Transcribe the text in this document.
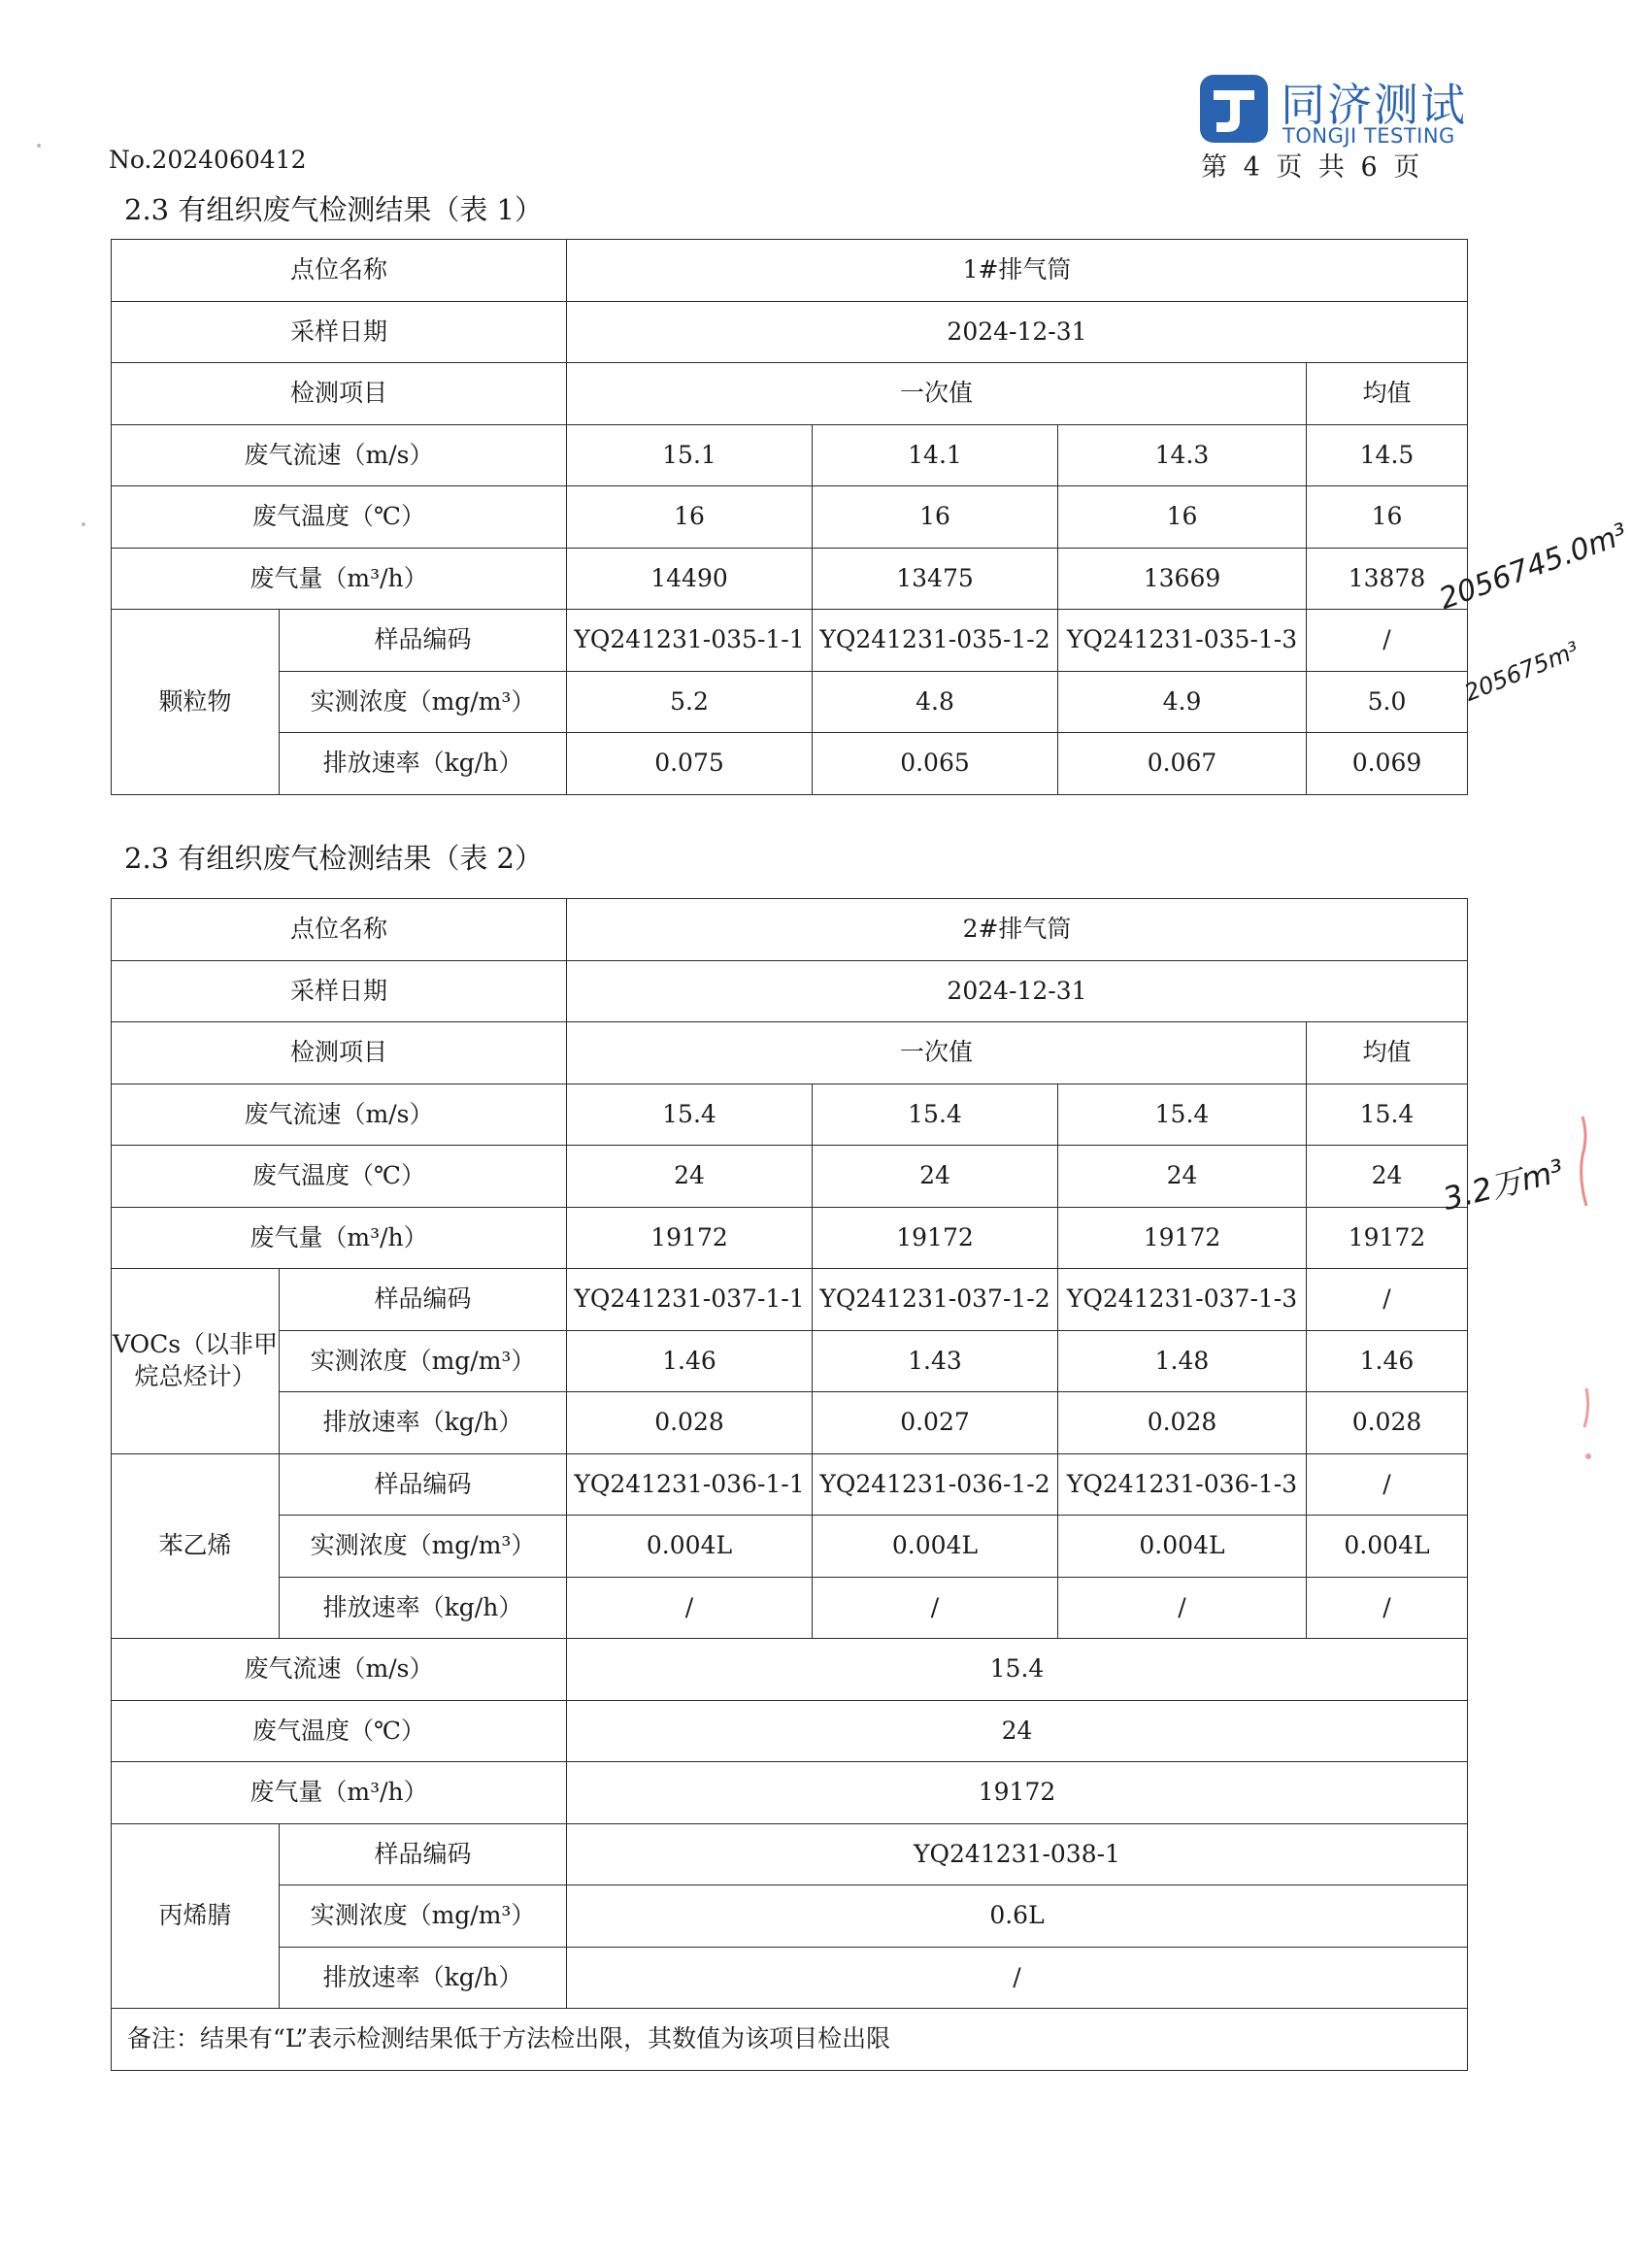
No.2024060412
同济测试
TONGJI TESTING
第 4 页 共 6 页
2.3 有组织废气检测结果（表 1）
点位名称		1#排气筒			
采样日期		2024-12-31			
检测项目		一次值			均值
废气流速（m/s）		15.1	14.1	14.3	14.5
废气温度（℃）		16	16	16	16
废气量（m³/h）		14490	13475	13669	13878
颗粒物	样品编码	YQ241231-035-1-1	YQ241231-035-1-2	YQ241231-035-1-3	/
	实测浓度（mg/m³）	5.2	4.8	4.9	5.0
	排放速率（kg/h）	0.075	0.065	0.067	0.069
2.3 有组织废气检测结果（表 2）
点位名称		2#排气筒			
采样日期		2024-12-31			
检测项目		一次值			均值
废气流速（m/s）		15.4	15.4	15.4	15.4
废气温度（℃）		24	24	24	24
废气量（m³/h）		19172	19172	19172	19172
VOCs（以非甲烷总烃计）	样品编码	YQ241231-037-1-1	YQ241231-037-1-2	YQ241231-037-1-3	/
	实测浓度（mg/m³）	1.46	1.43	1.48	1.46
	排放速率（kg/h）	0.028	0.027	0.028	0.028
苯乙烯	样品编码	YQ241231-036-1-1	YQ241231-036-1-2	YQ241231-036-1-3	/
	实测浓度（mg/m³）	0.004L	0.004L	0.004L	0.004L
	排放速率（kg/h）	/	/	/	/
废气流速（m/s）		15.4			
废气温度（℃）		24			
废气量（m³/h）		19172			
丙烯腈	样品编码	YQ241231-038-1			
	实测浓度（mg/m³）	0.6L			
	排放速率（kg/h）	/			
备注：结果有“L”表示检测结果低于方法检出限，其数值为该项目检出限					
2056745.0m³
205675m³
3.2万m³
